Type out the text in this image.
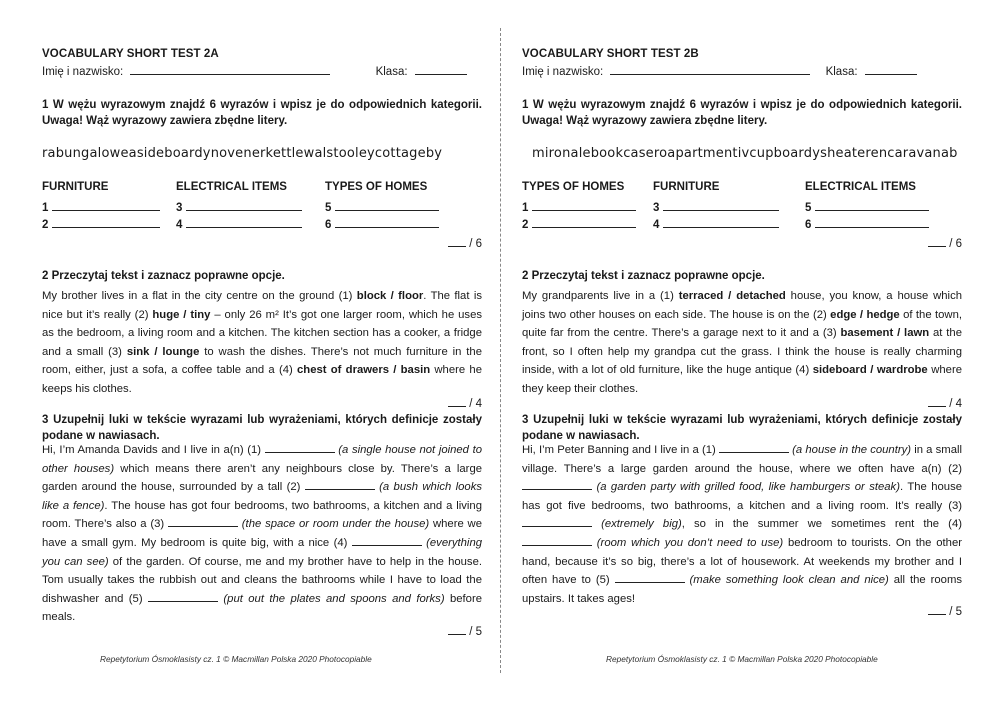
VOCABULARY SHORT TEST 2A
Imię i nazwisko:	Klasa:
1 W wężu wyrazowym znajdź 6 wyrazów i wpisz je do odpowiednich kategorii. Uwaga! Wąż wyrazowy zawiera zbędne litery.
rabungaloweasideboardynovenerkettlewalstooleycottageby
FURNITURE	ELECTRICAL ITEMS	TYPES OF HOMES
1	3	5
2	4	6
/ 6
2 Przeczytaj tekst i zaznacz poprawne opcje.
My brother lives in a flat in the city centre on the ground (1) block / floor. The flat is nice but it’s really (2) huge / tiny – only 26 m² It’s got one larger room, which he uses as the bedroom, a living room and a kitchen. The kitchen section has a cooker, a fridge and a small (3) sink / lounge to wash the dishes. There’s not much furniture in the room, either, just a sofa, a coffee table and a (4) chest of drawers / basin where he keeps his clothes.
/ 4
3 Uzupełnij luki w tekście wyrazami lub wyrażeniami, których definicje zostały podane w nawiasach.
Hi, I’m Amanda Davids and I live in a(n) (1)	(a single house not joined to other houses) which means there aren’t any neighbours close by. There’s a large garden around the house, surrounded by a tall (2)	(a bush which looks like a fence). The house has got four bedrooms, two bathrooms, a kitchen and a living room. There’s also a (3)	(the space or room under the house) where we have a small gym. My bedroom is quite big, with a nice (4)	(everything you can see) of the garden. Of course, me and my brother have to help in the house. Tom usually takes the rubbish out and cleans the bathrooms while I have to load the dishwasher and (5)	(put out the plates and spoons and forks) before meals.
/ 5
Repetytorium Ósmoklasisty cz. 1 © Macmillan Polska 2020 Photocopiable
VOCABULARY SHORT TEST 2B
Imię i nazwisko:	Klasa:
1 W wężu wyrazowym znajdź 6 wyrazów i wpisz je do odpowiednich kategorii. Uwaga! Wąż wyrazowy zawiera zbędne litery.
mironalebookcaseroapartmentivcupboardysheaterencaravanab
TYPES OF HOMES	FURNITURE	ELECTRICAL ITEMS
1	3	5
2	4	6
/ 6
2 Przeczytaj tekst i zaznacz poprawne opcje.
My grandparents live in a (1) terraced / detached house, you know, a house which joins two other houses on each side. The house is on the (2) edge / hedge of the town, quite far from the centre. There’s a garage next to it and a (3) basement / lawn at the front, so I often help my grandpa cut the grass. I think the house is really charming inside, with a lot of old furniture, like the huge antique (4) sideboard / wardrobe where they keep their clothes.
/ 4
3 Uzupełnij luki w tekście wyrazami lub wyrażeniami, których definicje zostały podane w nawiasach.
Hi, I’m Peter Banning and I live in a (1)	(a house in the country) in a small village. There’s a large garden around the house, where we often have a(n) (2)  (a garden party with grilled food, like hamburgers or steak). The house has got five bedrooms, two bathrooms, a kitchen and a living room. It’s really (3)  (extremely big), so in the summer we sometimes rent the (4)  (room which you don’t need to use) bedroom to tourists. On the other hand, because it’s so big, there’s a lot of housework. At weekends my brother and I often have to (5)	(make something look clean and nice) all the rooms upstairs. It takes ages!
/ 5
Repetytorium Ósmoklasisty cz. 1 © Macmillan Polska 2020 Photocopiable
